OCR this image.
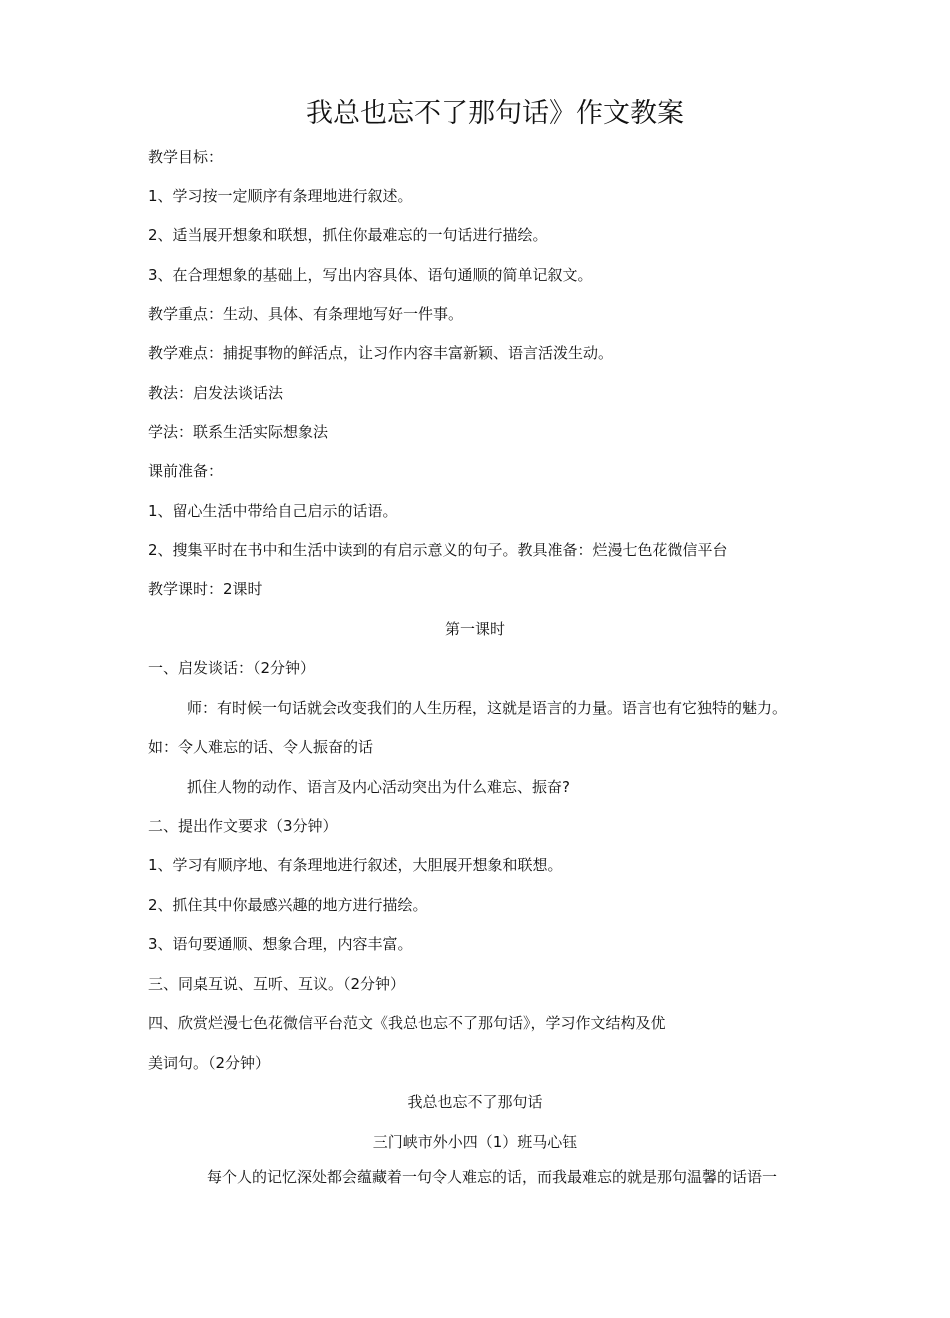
我总也忘不了那句话》作文教案
教学目标：
1、学习按一定顺序有条理地进行叙述。
2、适当展开想象和联想，抓住你最难忘的一句话进行描绘。
3、在合理想象的基础上，写出内容具体、语句通顺的简单记叙文。
教学重点：生动、具体、有条理地写好一件事。
教学难点：捕捉事物的鲜活点，让习作内容丰富新颖、语言活泼生动。
教法：启发法谈话法
学法：联系生活实际想象法
课前准备：
1、留心生活中带给自己启示的话语。
2、搜集平时在书中和生活中读到的有启示意义的句子。教具准备：烂漫七色花微信平台
教学课时：2课时
第一课时
一、启发谈话：（2分钟）
师：有时候一句话就会改变我们的人生历程，这就是语言的力量。语言也有它独特的魅力。
如：令人难忘的话、令人振奋的话
抓住人物的动作、语言及内心活动突出为什么难忘、振奋?
二、提出作文要求（3分钟）
1、学习有顺序地、有条理地进行叙述，大胆展开想象和联想。
2、抓住其中你最感兴趣的地方进行描绘。
3、语句要通顺、想象合理，内容丰富。
三、同桌互说、互听、互议。（2分钟）
四、欣赏烂漫七色花微信平台范文《我总也忘不了那句话》，学习作文结构及优
美词句。（2分钟）
我总也忘不了那句话
三门峡市外小四（1）班马心钰
每个人的记忆深处都会蕴藏着一句令人难忘的话，而我最难忘的就是那句温馨的话语一
